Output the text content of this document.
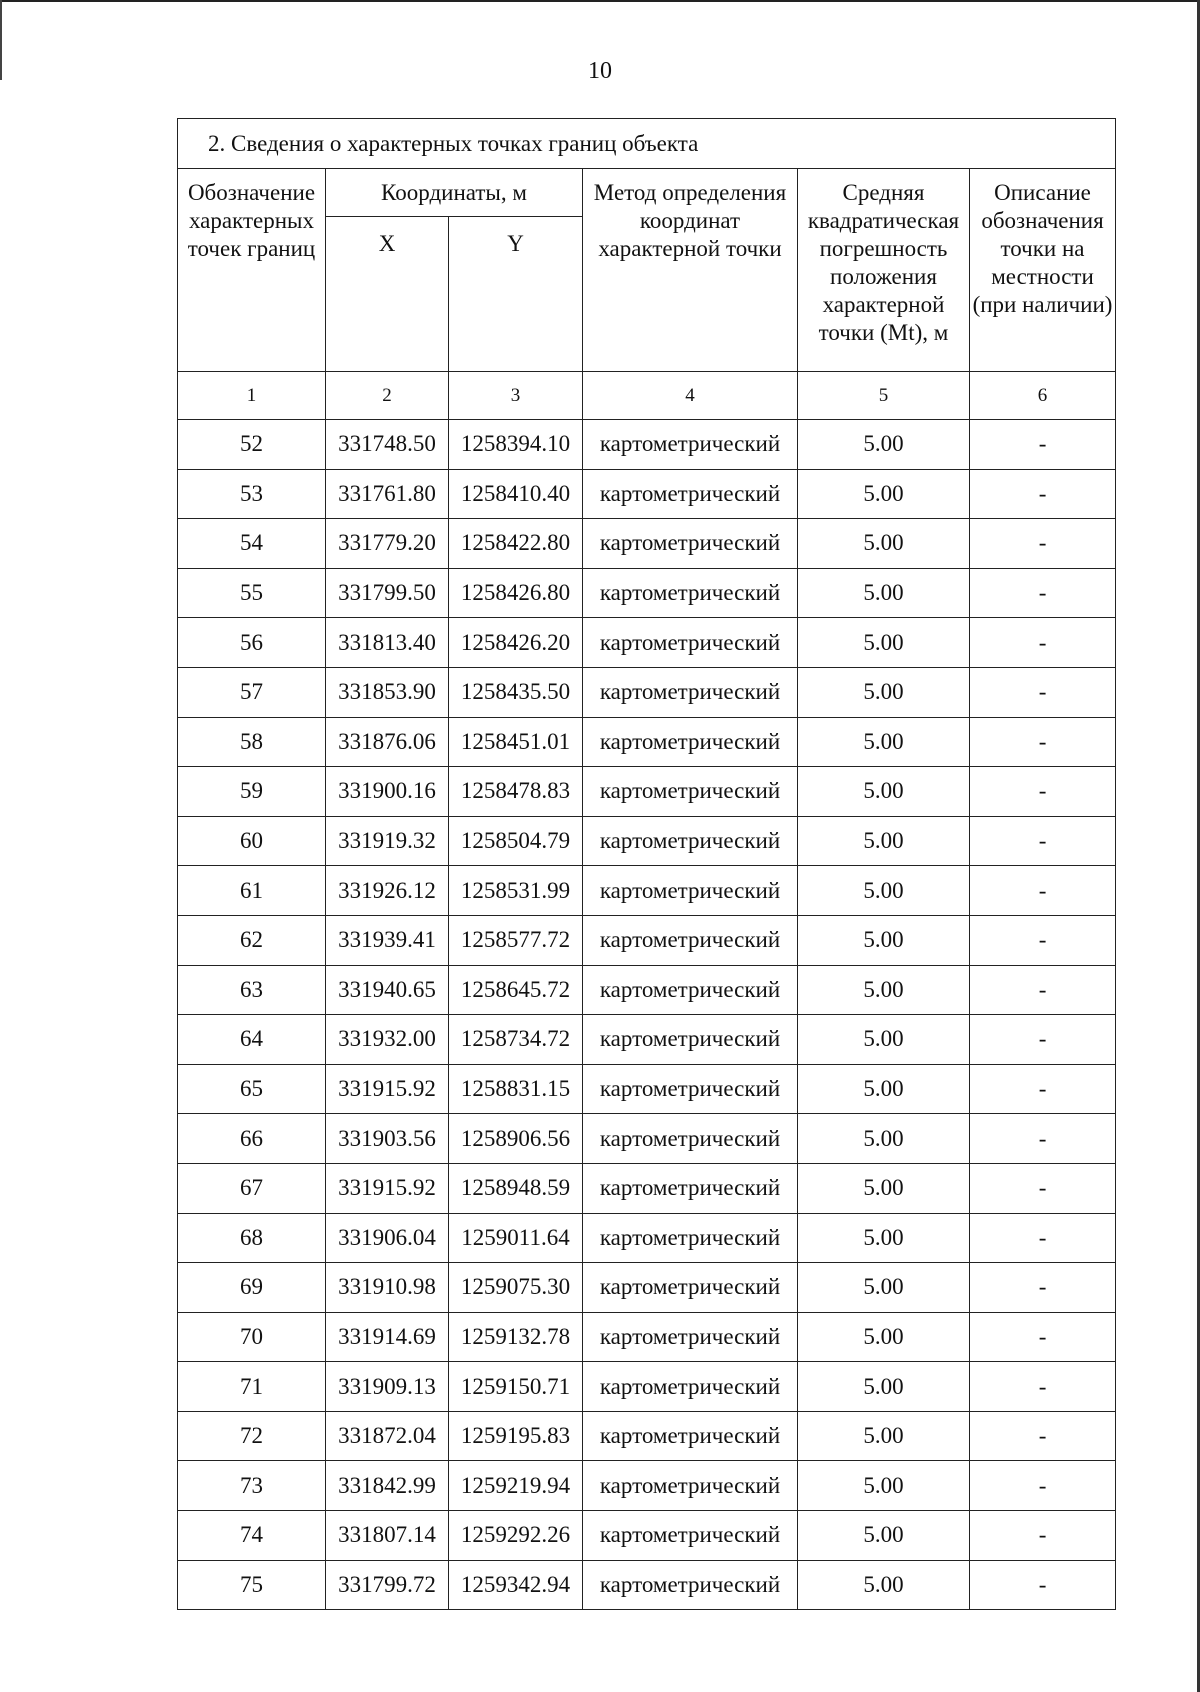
10
2. Сведения о характерных точках границ объекта					
Обозначение характерных точек границ	Координаты, м		Метод определения координат характерной точки	Средняя квадратическая погрешность положения характерной точки (Mt), м	Описание обозначения точки на местности (при наличии)
	X	Y			
1	2	3	4	5	6
52	331748.50	1258394.10	картометрический	5.00	-
53	331761.80	1258410.40	картометрический	5.00	-
54	331779.20	1258422.80	картометрический	5.00	-
55	331799.50	1258426.80	картометрический	5.00	-
56	331813.40	1258426.20	картометрический	5.00	-
57	331853.90	1258435.50	картометрический	5.00	-
58	331876.06	1258451.01	картометрический	5.00	-
59	331900.16	1258478.83	картометрический	5.00	-
60	331919.32	1258504.79	картометрический	5.00	-
61	331926.12	1258531.99	картометрический	5.00	-
62	331939.41	1258577.72	картометрический	5.00	-
63	331940.65	1258645.72	картометрический	5.00	-
64	331932.00	1258734.72	картометрический	5.00	-
65	331915.92	1258831.15	картометрический	5.00	-
66	331903.56	1258906.56	картометрический	5.00	-
67	331915.92	1258948.59	картометрический	5.00	-
68	331906.04	1259011.64	картометрический	5.00	-
69	331910.98	1259075.30	картометрический	5.00	-
70	331914.69	1259132.78	картометрический	5.00	-
71	331909.13	1259150.71	картометрический	5.00	-
72	331872.04	1259195.83	картометрический	5.00	-
73	331842.99	1259219.94	картометрический	5.00	-
74	331807.14	1259292.26	картометрический	5.00	-
75	331799.72	1259342.94	картометрический	5.00	-
